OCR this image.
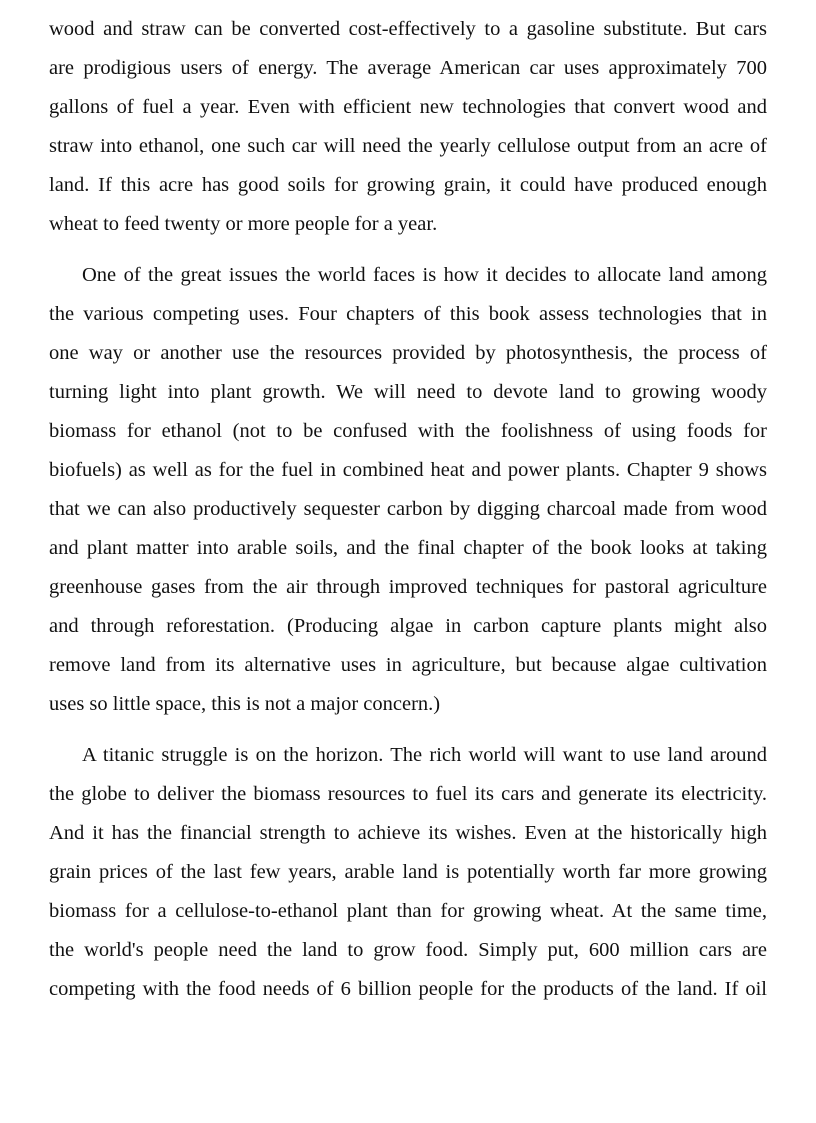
wood and straw can be converted cost-effectively to a gasoline substitute. But cars
are prodigious users of energy. The average American car uses approximately 700
gallons of fuel a year. Even with efficient new technologies that convert wood and
straw into ethanol, one such car will need the yearly cellulose output from an acre of
land. If this acre has good soils for growing grain, it could have produced enough
wheat to feed twenty or more people for a year.

One of the great issues the world faces is how it decides to allocate land among
the various competing uses. Four chapters of this book assess technologies that in
one way or another use the resources provided by photosynthesis, the process of
turning light into plant growth. We will need to devote land to growing woody
biomass for ethanol (not to be confused with the foolishness of using foods for
biofuels) as well as for the fuel in combined heat and power plants. Chapter 9 shows
that we can also productively sequester carbon by digging charcoal made from wood
and plant matter into arable soils, and the final chapter of the book looks at taking
greenhouse gases from the air through improved techniques for pastoral agriculture
and through reforestation. (Producing algae in carbon capture plants might also
remove land from its alternative uses in agriculture, but because algae cultivation
uses so little space, this is not a major concern.)

A titanic struggle is on the horizon. The rich world will want to use land around
the globe to deliver the biomass resources to fuel its cars and generate its electricity.
And it has the financial strength to achieve its wishes. Even at the historically high
grain prices of the last few years, arable land is potentially worth far more growing
biomass for a cellulose-to-ethanol plant than for growing wheat. At the same time,
the world's people need the land to grow food. Simply put, 600 million cars are
competing with the food needs of 6 billion people for the products of the land. If oil
